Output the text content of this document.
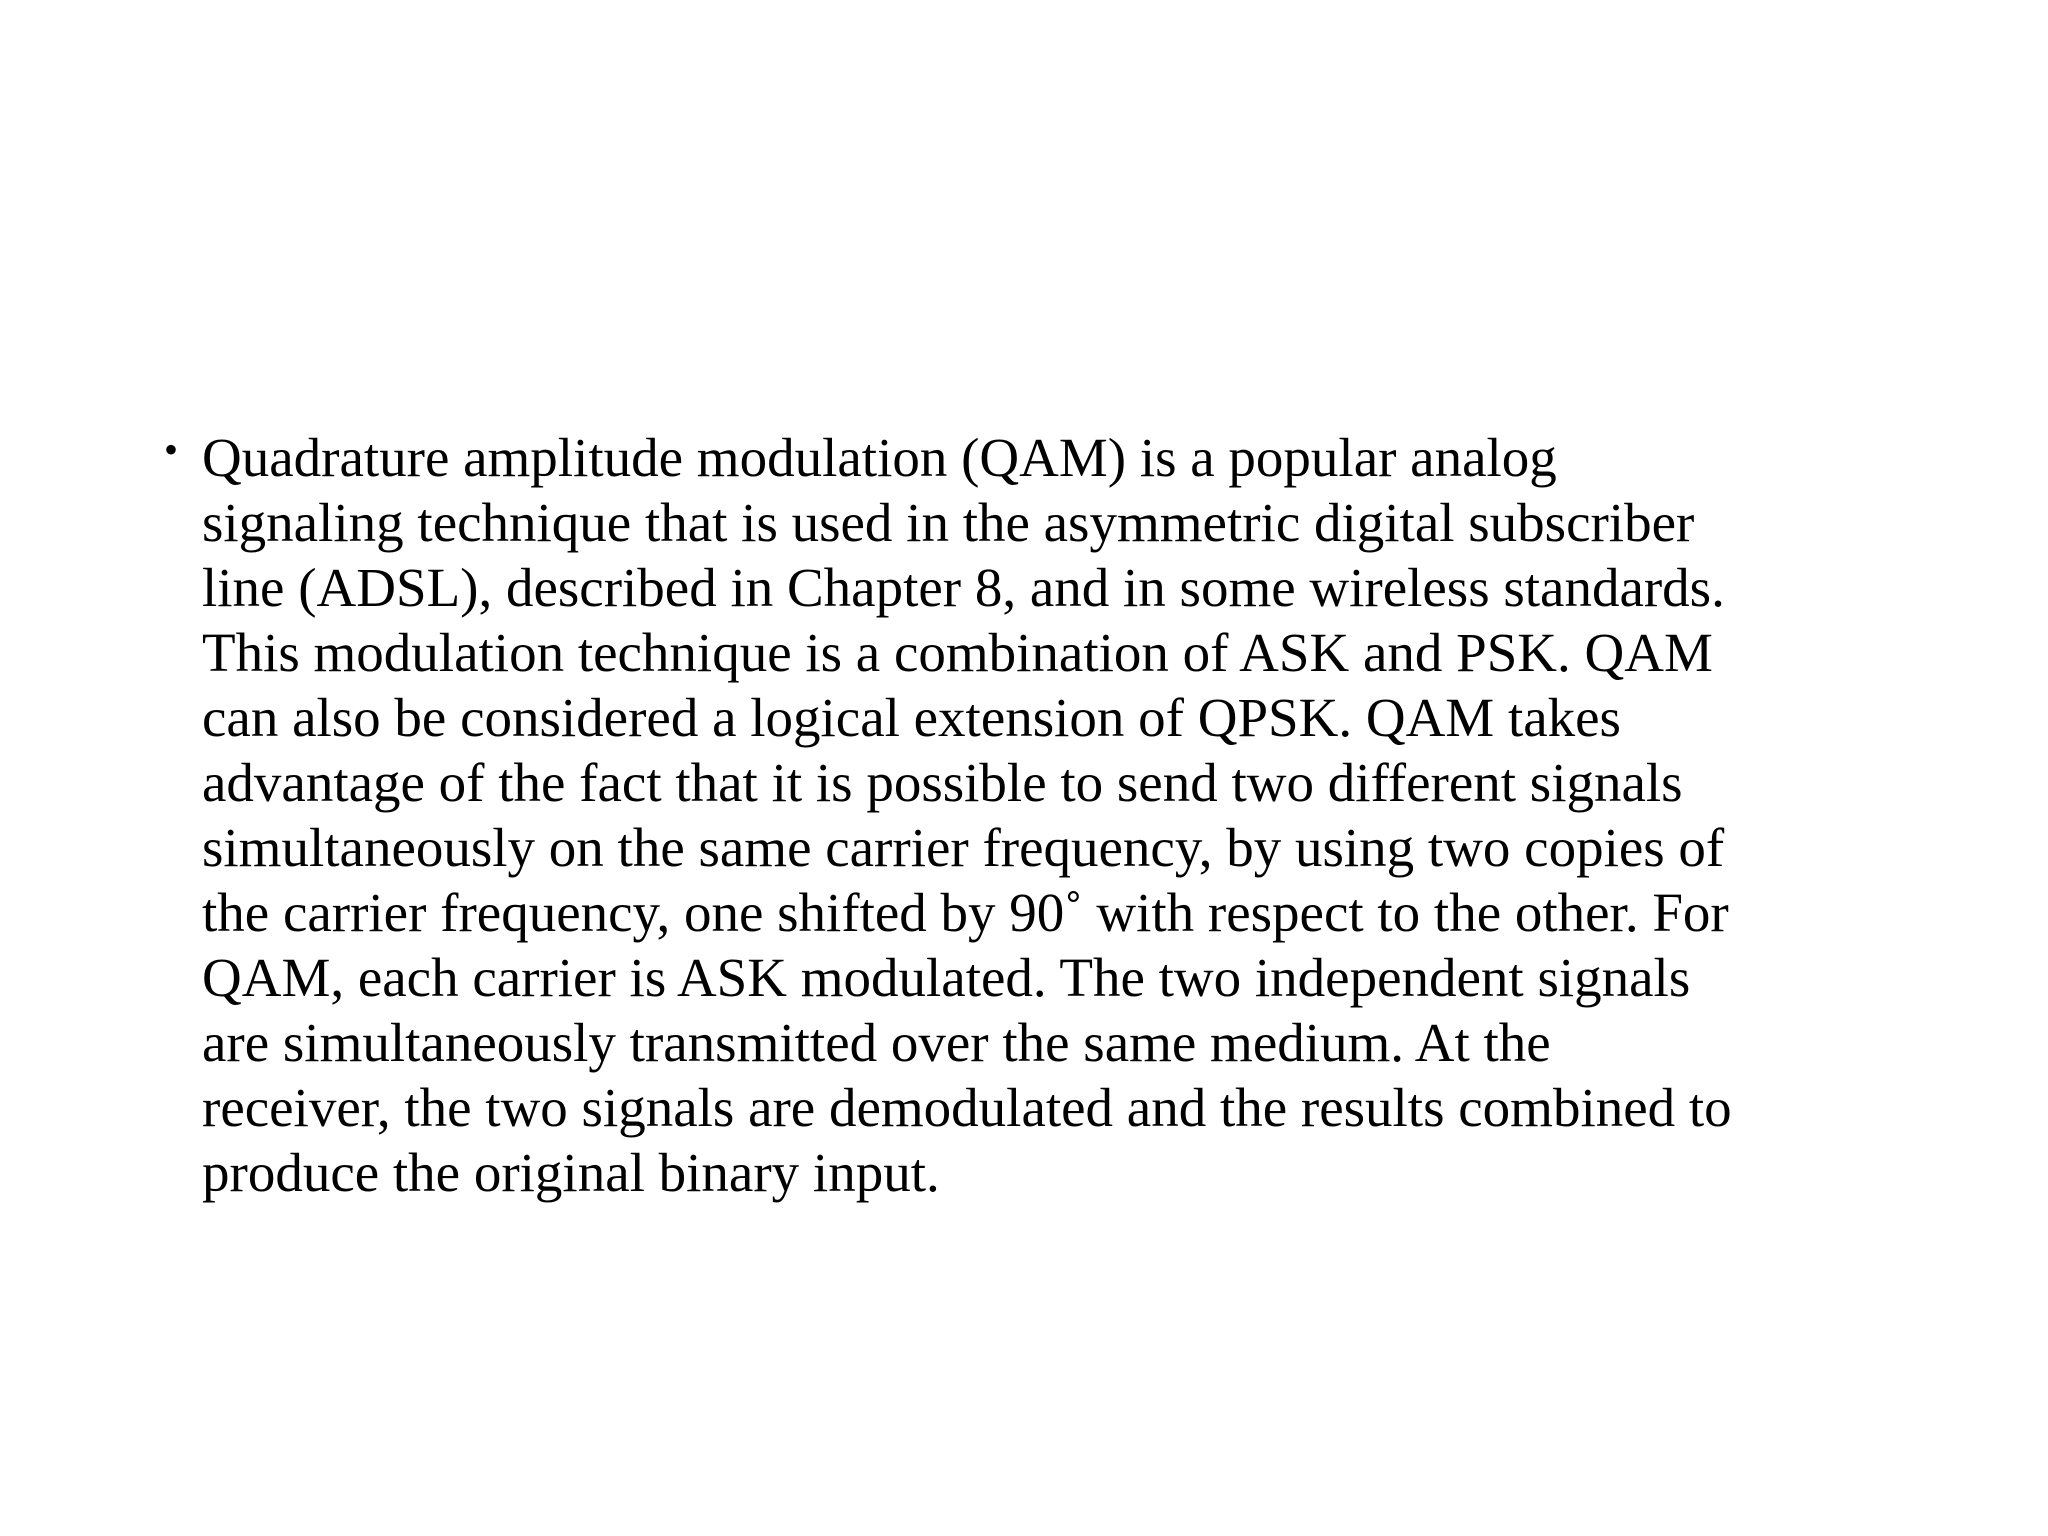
• Quadrature amplitude modulation (QAM) is a popular analog
signaling technique that is used in the asymmetric digital subscriber
line (ADSL), described in Chapter 8, and in some wireless standards.
This modulation technique is a combination of ASK and PSK. QAM
can also be considered a logical extension of QPSK. QAM takes
advantage of the fact that it is possible to send two different signals
simultaneously on the same carrier frequency, by using two copies of
the carrier frequency, one shifted by 90˚ with respect to the other. For
QAM, each carrier is ASK modulated. The two independent signals
are simultaneously transmitted over the same medium. At the
receiver, the two signals are demodulated and the results combined to
produce the original binary input.
